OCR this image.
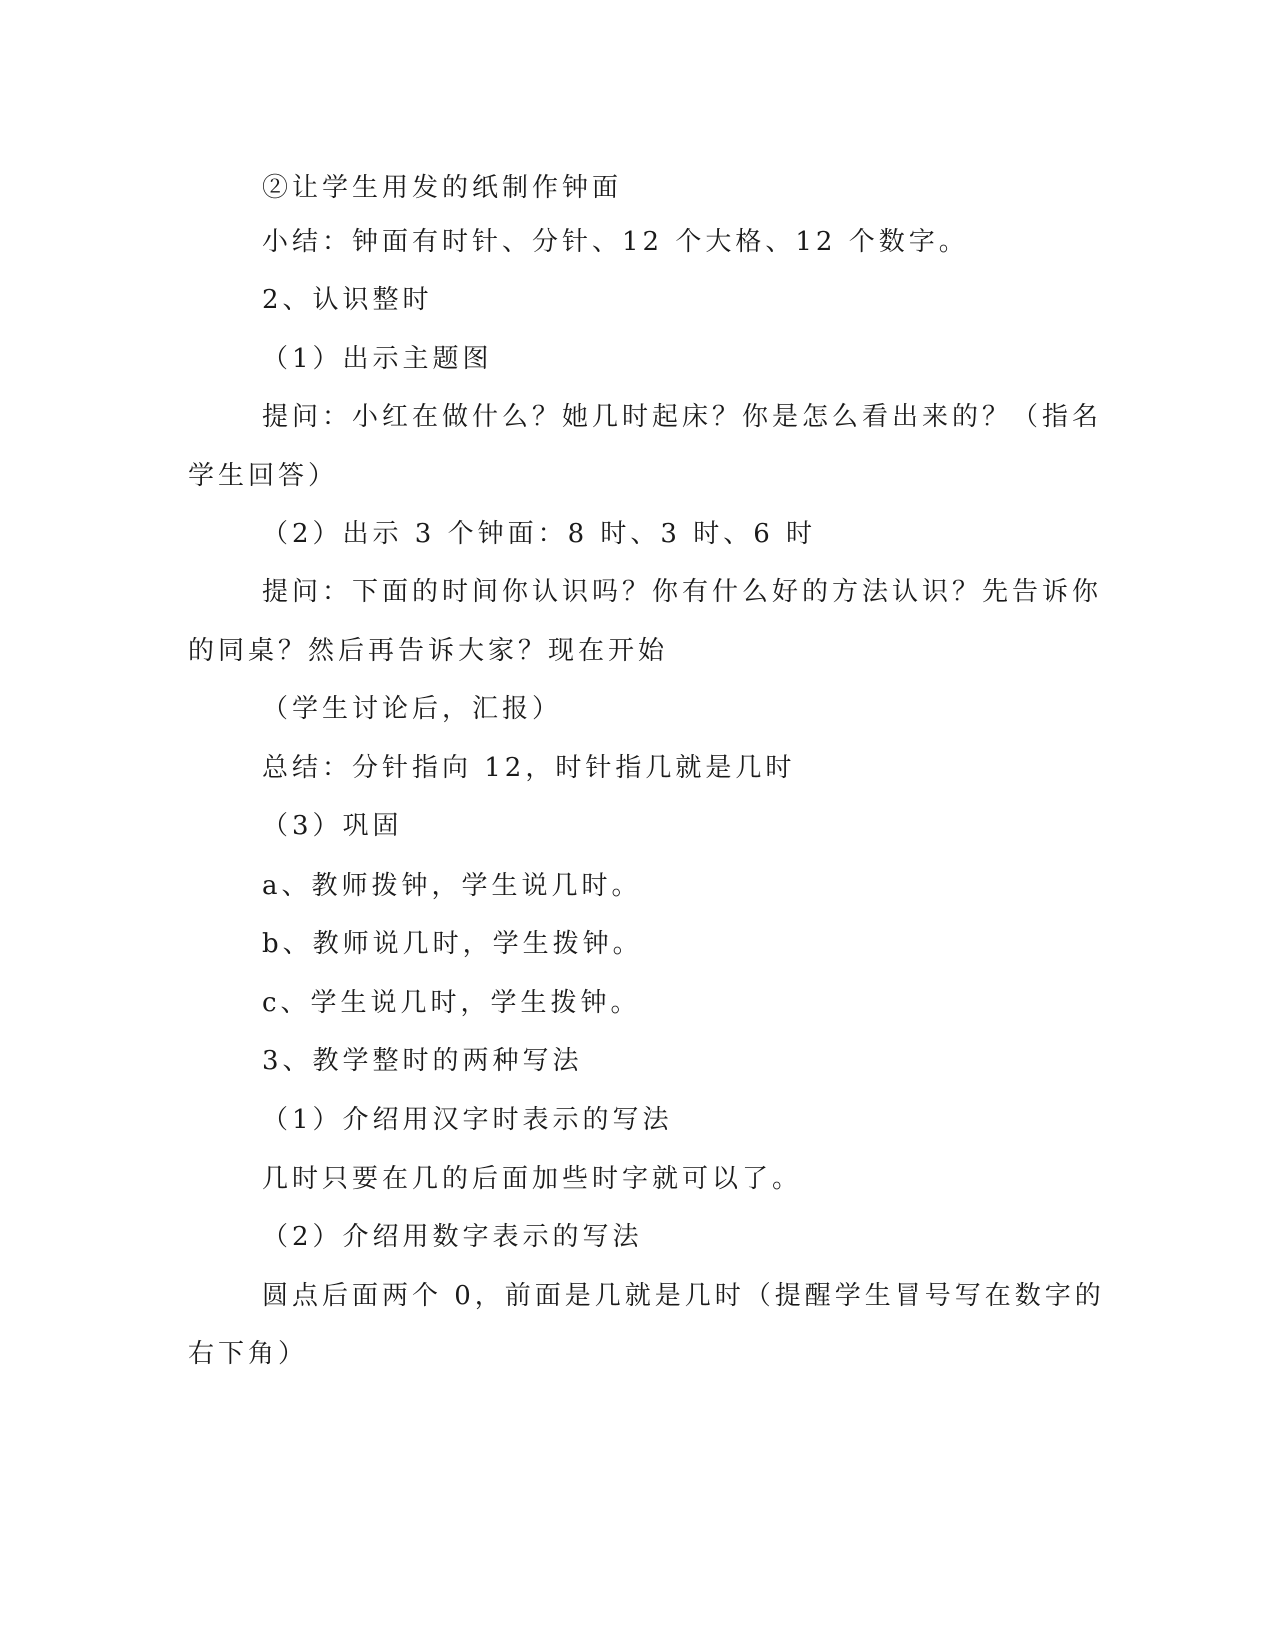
②让学生用发的纸制作钟面
小结：钟面有时针、分针、12 个大格、12 个数字。
2、认识整时
（1）出示主题图
提问：小红在做什么？她几时起床？你是怎么看出来的？（指名
学生回答）
（2）出示 3 个钟面：8 时、3 时、6 时
提问：下面的时间你认识吗？你有什么好的方法认识？先告诉你
的同桌？然后再告诉大家？现在开始
（学生讨论后，汇报）
总结：分针指向 12，时针指几就是几时
（3）巩固
a、教师拨钟，学生说几时。
b、教师说几时，学生拨钟。
c、学生说几时，学生拨钟。
3、教学整时的两种写法
（1）介绍用汉字时表示的写法
几时只要在几的后面加些时字就可以了。
（2）介绍用数字表示的写法
圆点后面两个 0，前面是几就是几时（提醒学生冒号写在数字的
右下角）
